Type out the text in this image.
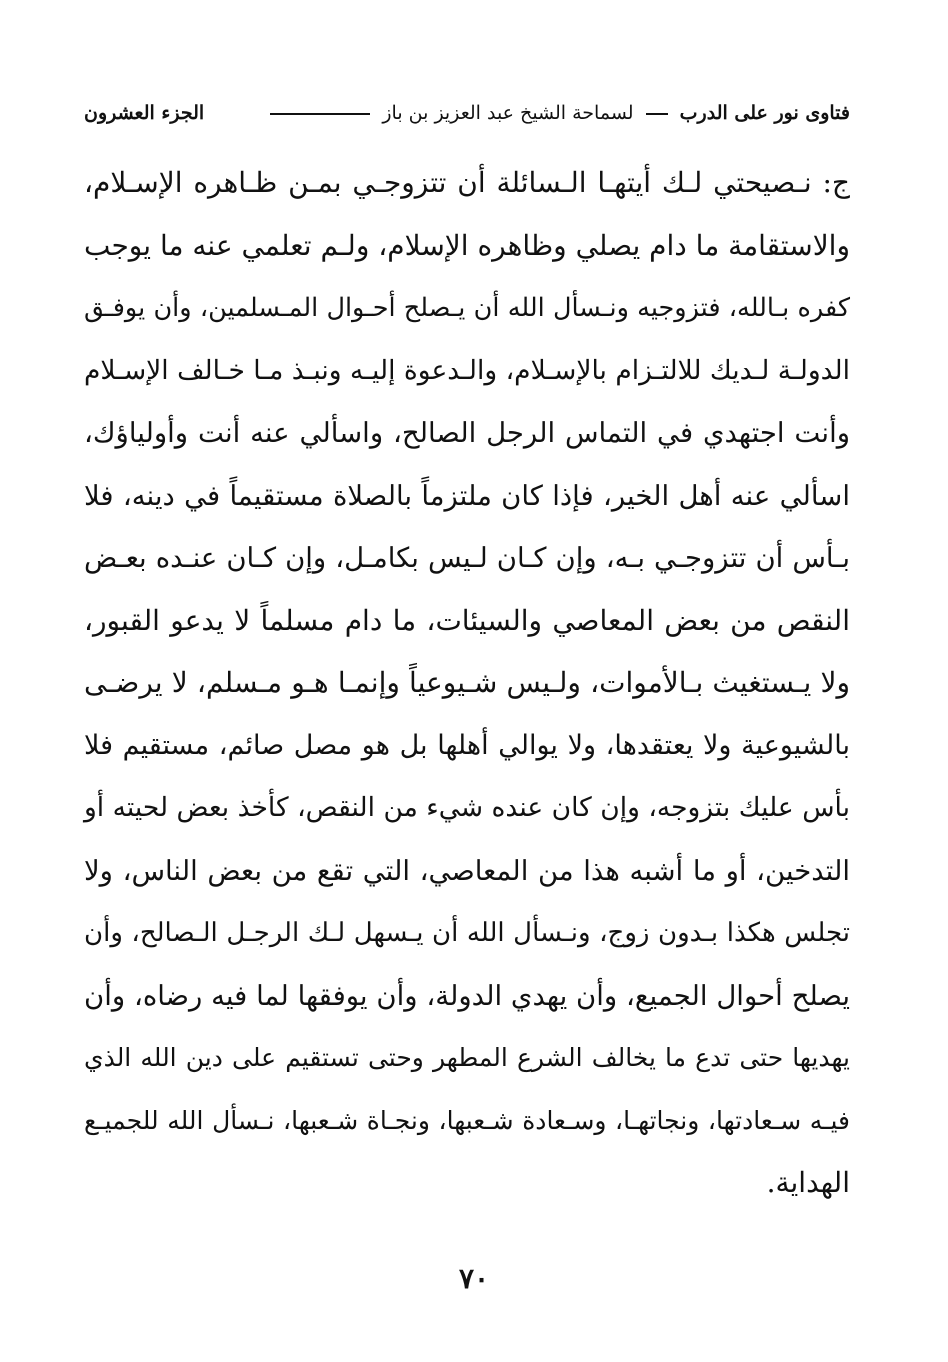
فتاوى نور على الدرب  لسماحة الشيخ عبد العزيز بن باز
الجزء العشرون
ج: نـصيحتي لـك أيتهـا الـسائلة أن تتزوجـي بمـن ظـاهره الإسـلام،
والاستقامة ما دام يصلي وظاهره الإسلام، ولـم تعلمي عنه ما يوجب
كفره بـالله، فتزوجيه ونـسأل الله أن يـصلح أحـوال المـسلمين، وأن يوفـق
الدولـة لـديك للالتـزام بالإسـلام، والـدعوة إليـه ونبـذ مـا خـالف الإسـلام
وأنت اجتهدي في التماس الرجل الصالح، واسألي عنه أنت وأولياؤك،
اسألي عنه أهل الخير، فإذا كان ملتزماً بالصلاة مستقيماً في دينه، فلا
بـأس أن تتزوجـي بـه، وإن كـان لـيس بكامـل، وإن كـان عنـده بعـض
النقص من بعض المعاصي والسيئات، ما دام مسلماً لا يدعو القبور،
ولا يـستغيث بـالأموات، ولـيس شـيوعياً وإنمـا هـو مـسلم، لا يرضـى
بالشيوعية ولا يعتقدها، ولا يوالي أهلها بل هو مصل صائم، مستقيم فلا
بأس عليك بتزوجه، وإن كان عنده شيء من النقص، كأخذ بعض لحيته أو
التدخين، أو ما أشبه هذا من المعاصي، التي تقع من بعض الناس، ولا
تجلس هكذا بـدون زوج، ونـسأل الله أن يـسهل لـك الرجـل الـصالح، وأن
يصلح أحوال الجميع، وأن يهدي الدولة، وأن يوفقها لما فيه رضاه، وأن
يهديها حتى تدع ما يخالف الشرع المطهر وحتى تستقيم على دين الله الذي
فيـه سـعادتها، ونجاتهـا، وسـعادة شـعبها، ونجـاة شـعبها، نـسأل الله للجميـع
الهداية.
٧٠
